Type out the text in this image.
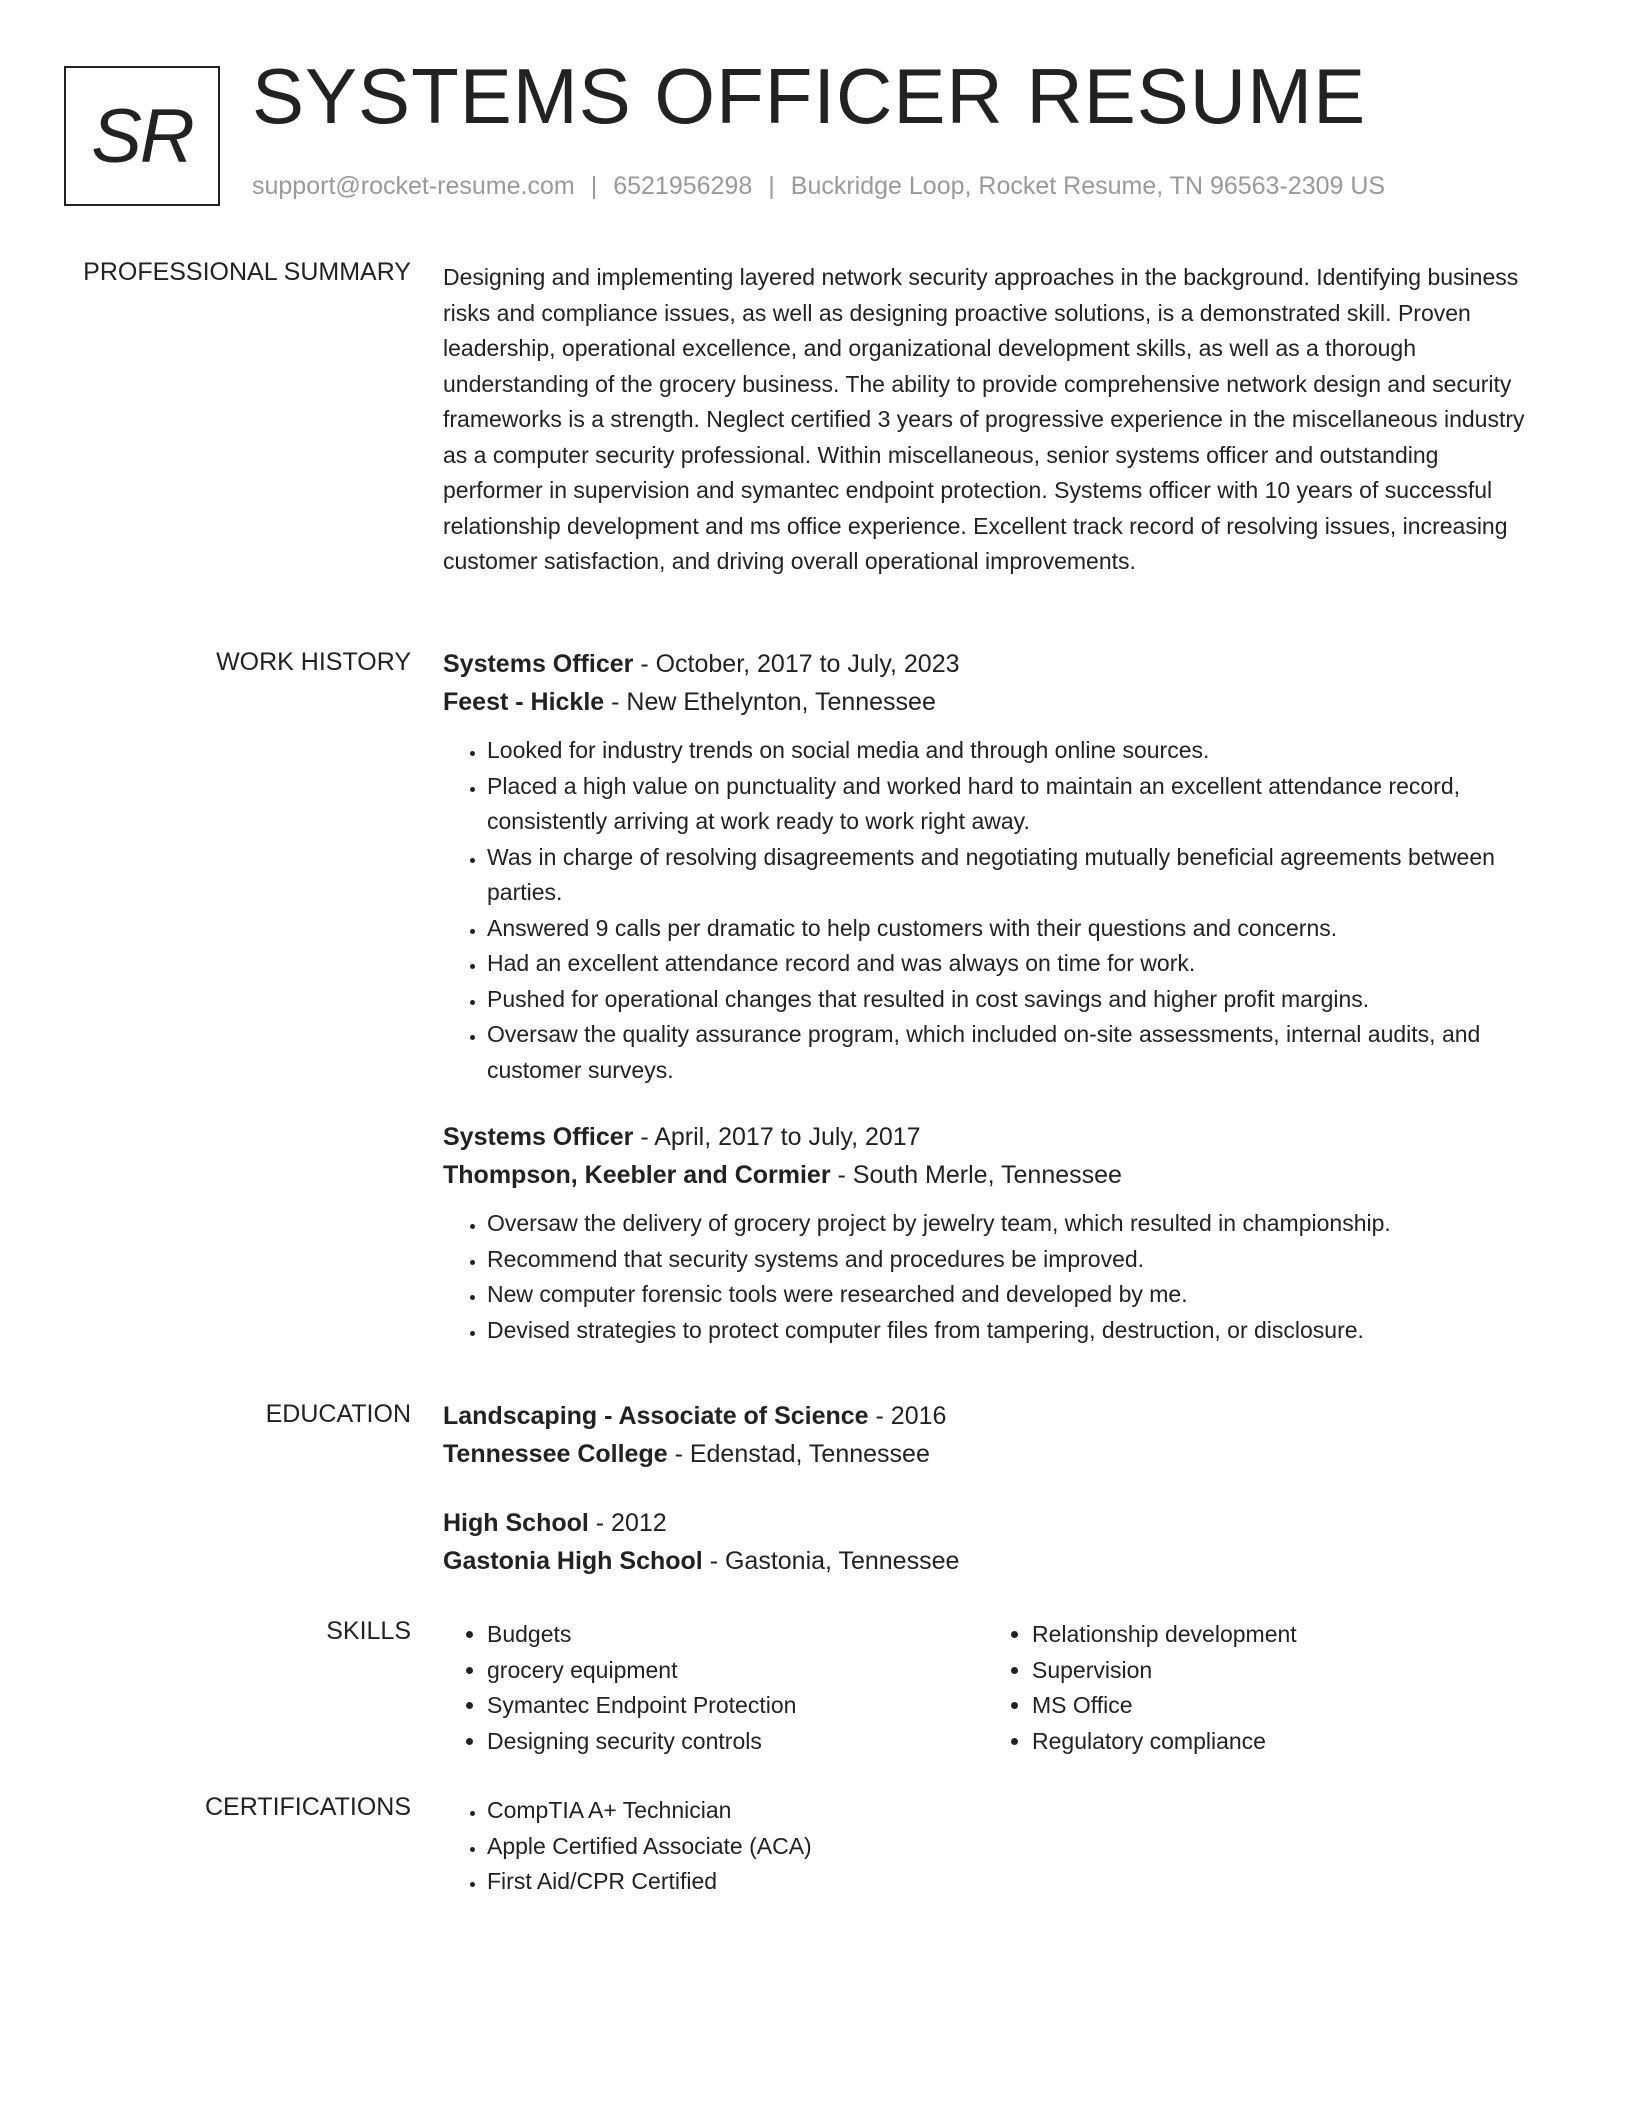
SR SYSTEMS OFFICER RESUME
support@rocket-resume.com | 6521956298 | Buckridge Loop, Rocket Resume, TN 96563-2309 US
PROFESSIONAL SUMMARY Designing and implementing layered network security approaches in the background. Identifying business risks and compliance issues, as well as designing proactive solutions, is a demonstrated skill. Proven leadership, operational excellence, and organizational development skills, as well as a thorough understanding of the grocery business. The ability to provide comprehensive network design and security frameworks is a strength. Neglect certified 3 years of progressive experience in the miscellaneous industry as a computer security professional. Within miscellaneous, senior systems officer and outstanding performer in supervision and symantec endpoint protection. Systems officer with 10 years of successful relationship development and ms office experience. Excellent track record of resolving issues, increasing customer satisfaction, and driving overall operational improvements.

WORK HISTORY Systems Officer - October, 2017 to July, 2023
Feest - Hickle - New Ethelynton, Tennessee
• Looked for industry trends on social media and through online sources.
• Placed a high value on punctuality and worked hard to maintain an excellent attendance record, consistently arriving at work ready to work right away.
• Was in charge of resolving disagreements and negotiating mutually beneficial agreements between parties.
• Answered 9 calls per dramatic to help customers with their questions and concerns.
• Had an excellent attendance record and was always on time for work.
• Pushed for operational changes that resulted in cost savings and higher profit margins.
• Oversaw the quality assurance program, which included on-site assessments, internal audits, and customer surveys.
Systems Officer - April, 2017 to July, 2017
Thompson, Keebler and Cormier - South Merle, Tennessee
• Oversaw the delivery of grocery project by jewelry team, which resulted in championship.
• Recommend that security systems and procedures be improved.
• New computer forensic tools were researched and developed by me.
• Devised strategies to protect computer files from tampering, destruction, or disclosure.
EDUCATION Landscaping - Associate of Science - 2016
Tennessee College - Edenstad, Tennessee
High School - 2012
Gastonia High School - Gastonia, Tennessee
SKILLS	• Budgets
• grocery equipment
• Symantec Endpoint Protection
• Designing security controls
• Relationship development
• Supervision
• MS Office
• Regulatory compliance
CERTIFICATIONS	• CompTIA A+ Technician
• Apple Certified Associate (ACA)
• First Aid/CPR Certified
